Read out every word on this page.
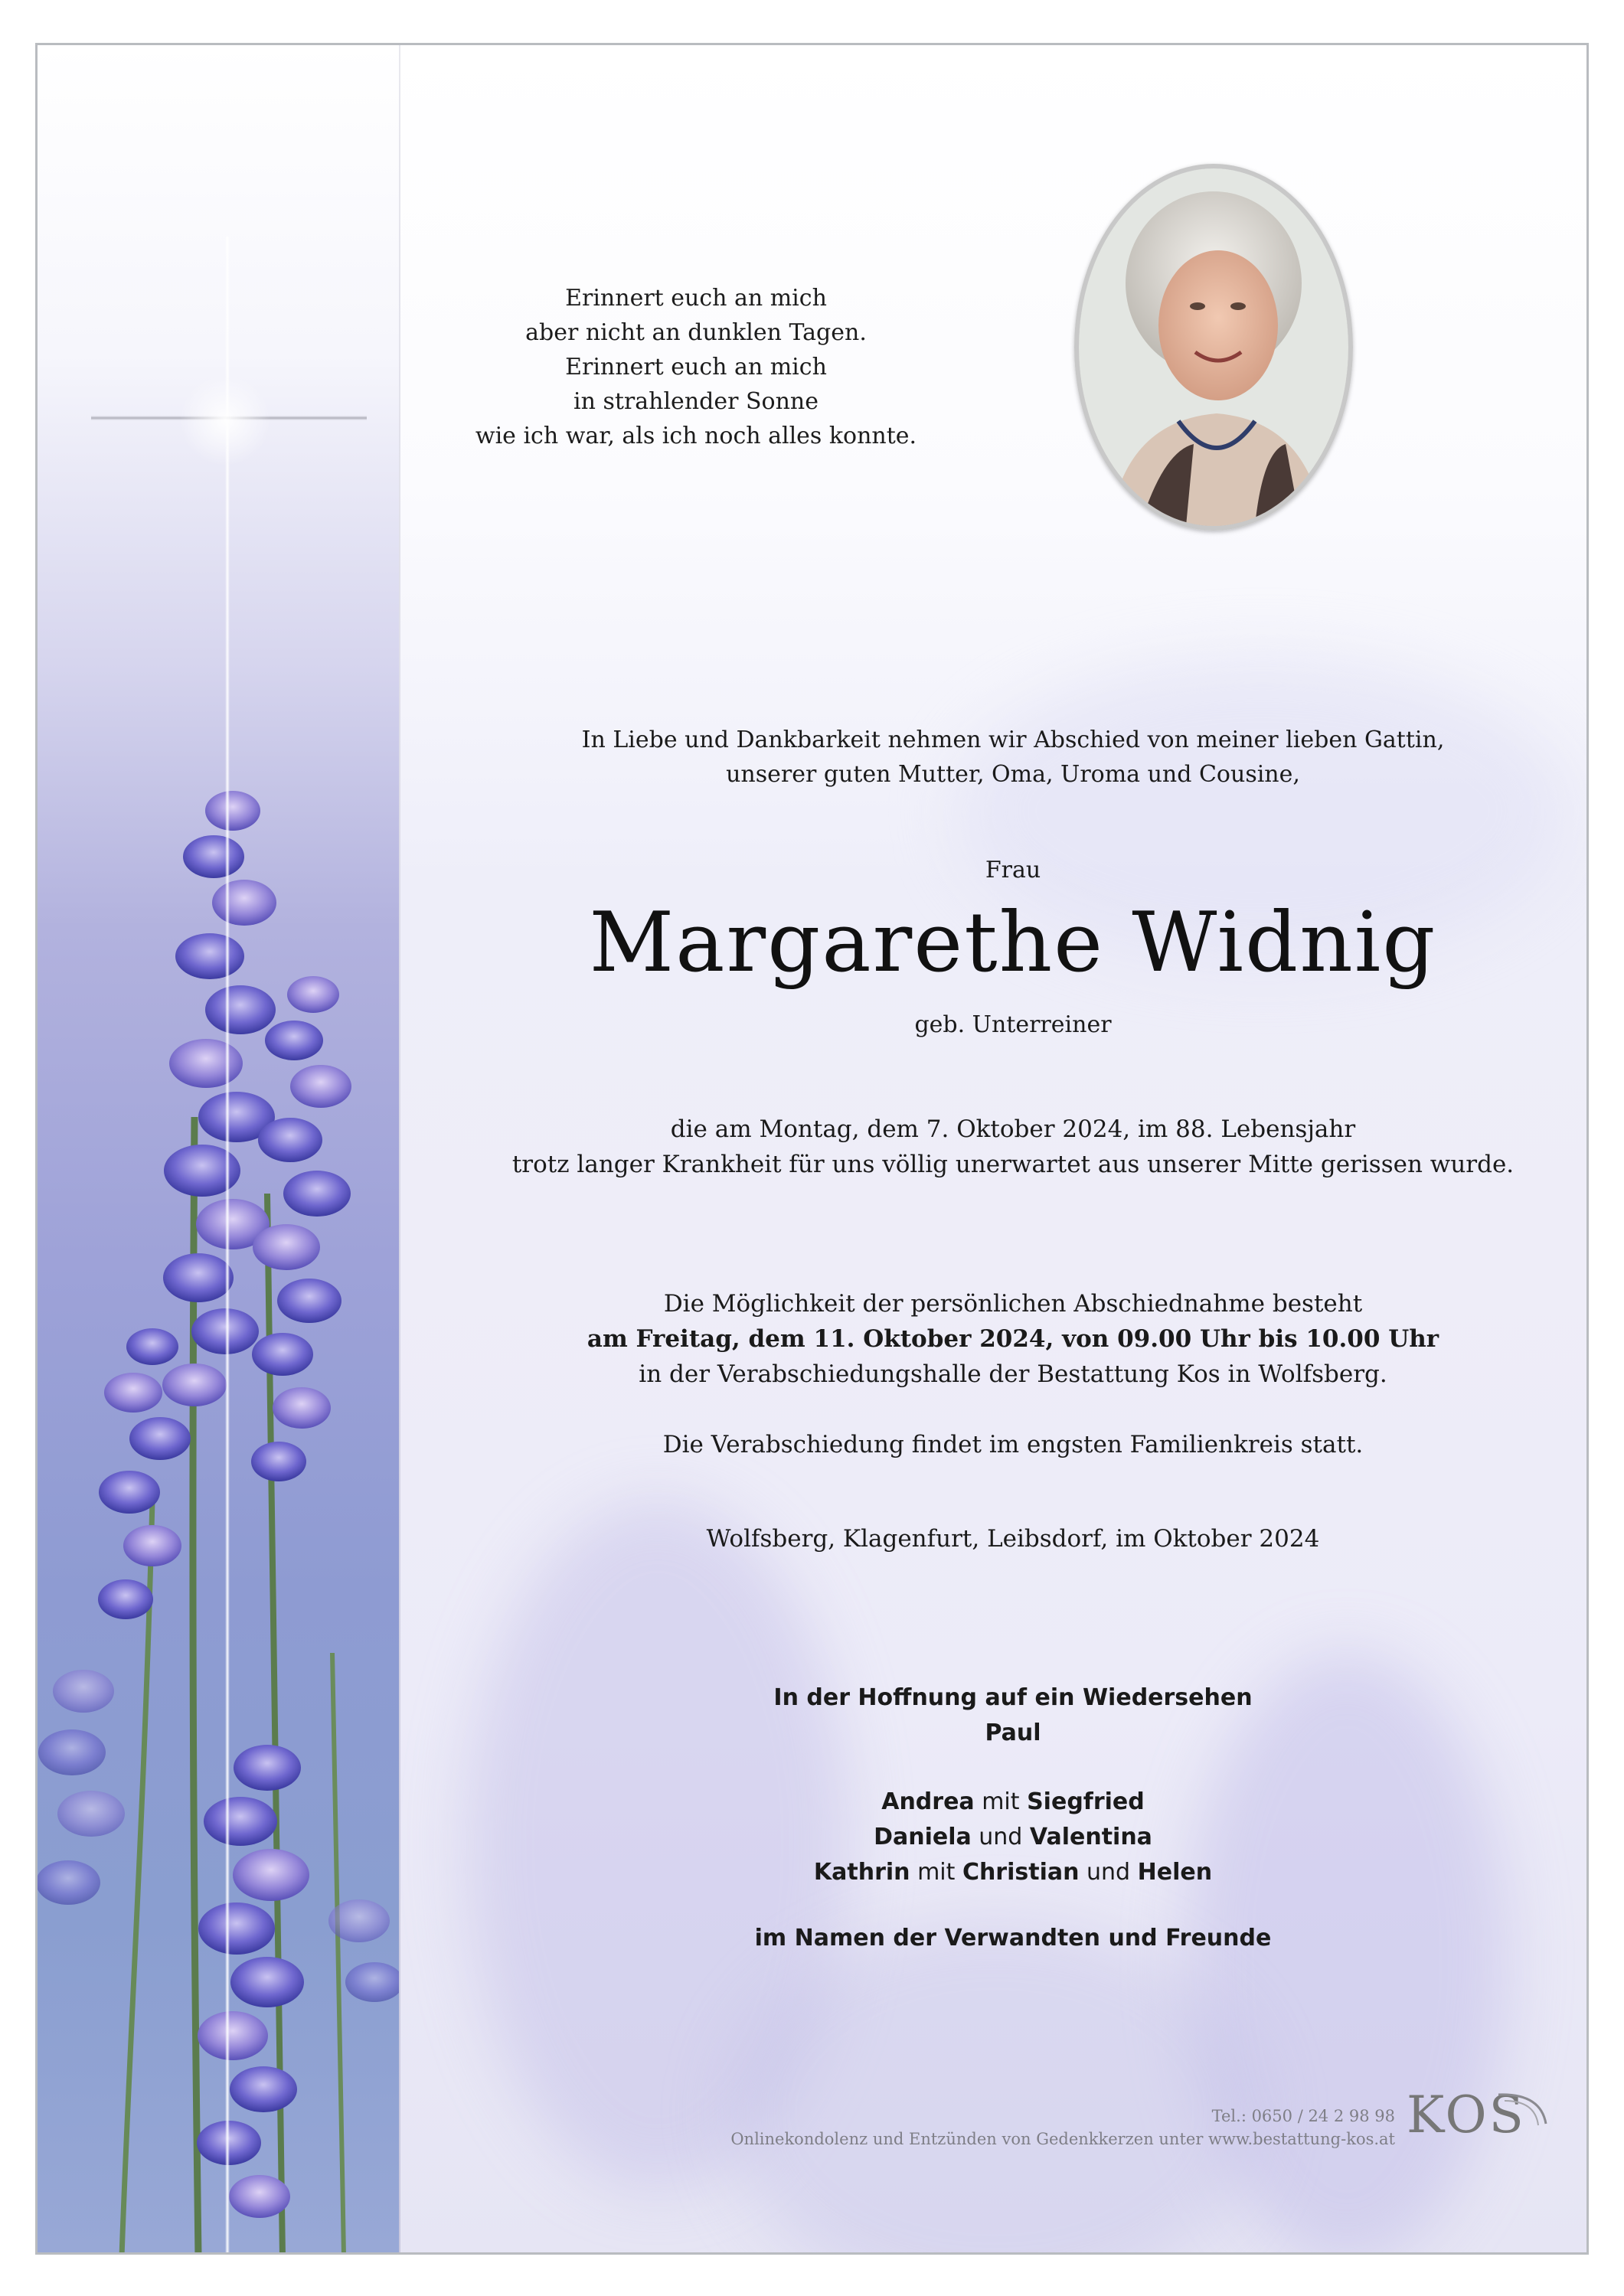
Erinnert euch an mich
aber nicht an dunklen Tagen.
Erinnert euch an mich
in strahlender Sonne
wie ich war, als ich noch alles konnte.
In Liebe und Dankbarkeit nehmen wir Abschied von meiner lieben Gattin,
unserer guten Mutter, Oma, Uroma und Cousine,
Frau
Margarethe Widnig
geb. Unterreiner
die am Montag, dem 7. Oktober 2024, im 88. Lebensjahr
trotz langer Krankheit für uns völlig unerwartet aus unserer Mitte gerissen wurde.
Die Möglichkeit der persönlichen Abschiednahme besteht
am Freitag, dem 11. Oktober 2024, von 09.00 Uhr bis 10.00 Uhr
in der Verabschiedungshalle der Bestattung Kos in Wolfsberg.
Die Verabschiedung findet im engsten Familienkreis statt.
Wolfsberg, Klagenfurt, Leibsdorf, im Oktober 2024
In der Hoffnung auf ein Wiedersehen
Paul
Andrea mit Siegfried
Daniela und Valentina
Kathrin mit Christian und Helen
im Namen der Verwandten und Freunde
Tel.: 0650 / 24 2 98 98
Onlinekondolenz und Entzünden von Gedenkkerzen unter www.bestattung-kos.at KOS
